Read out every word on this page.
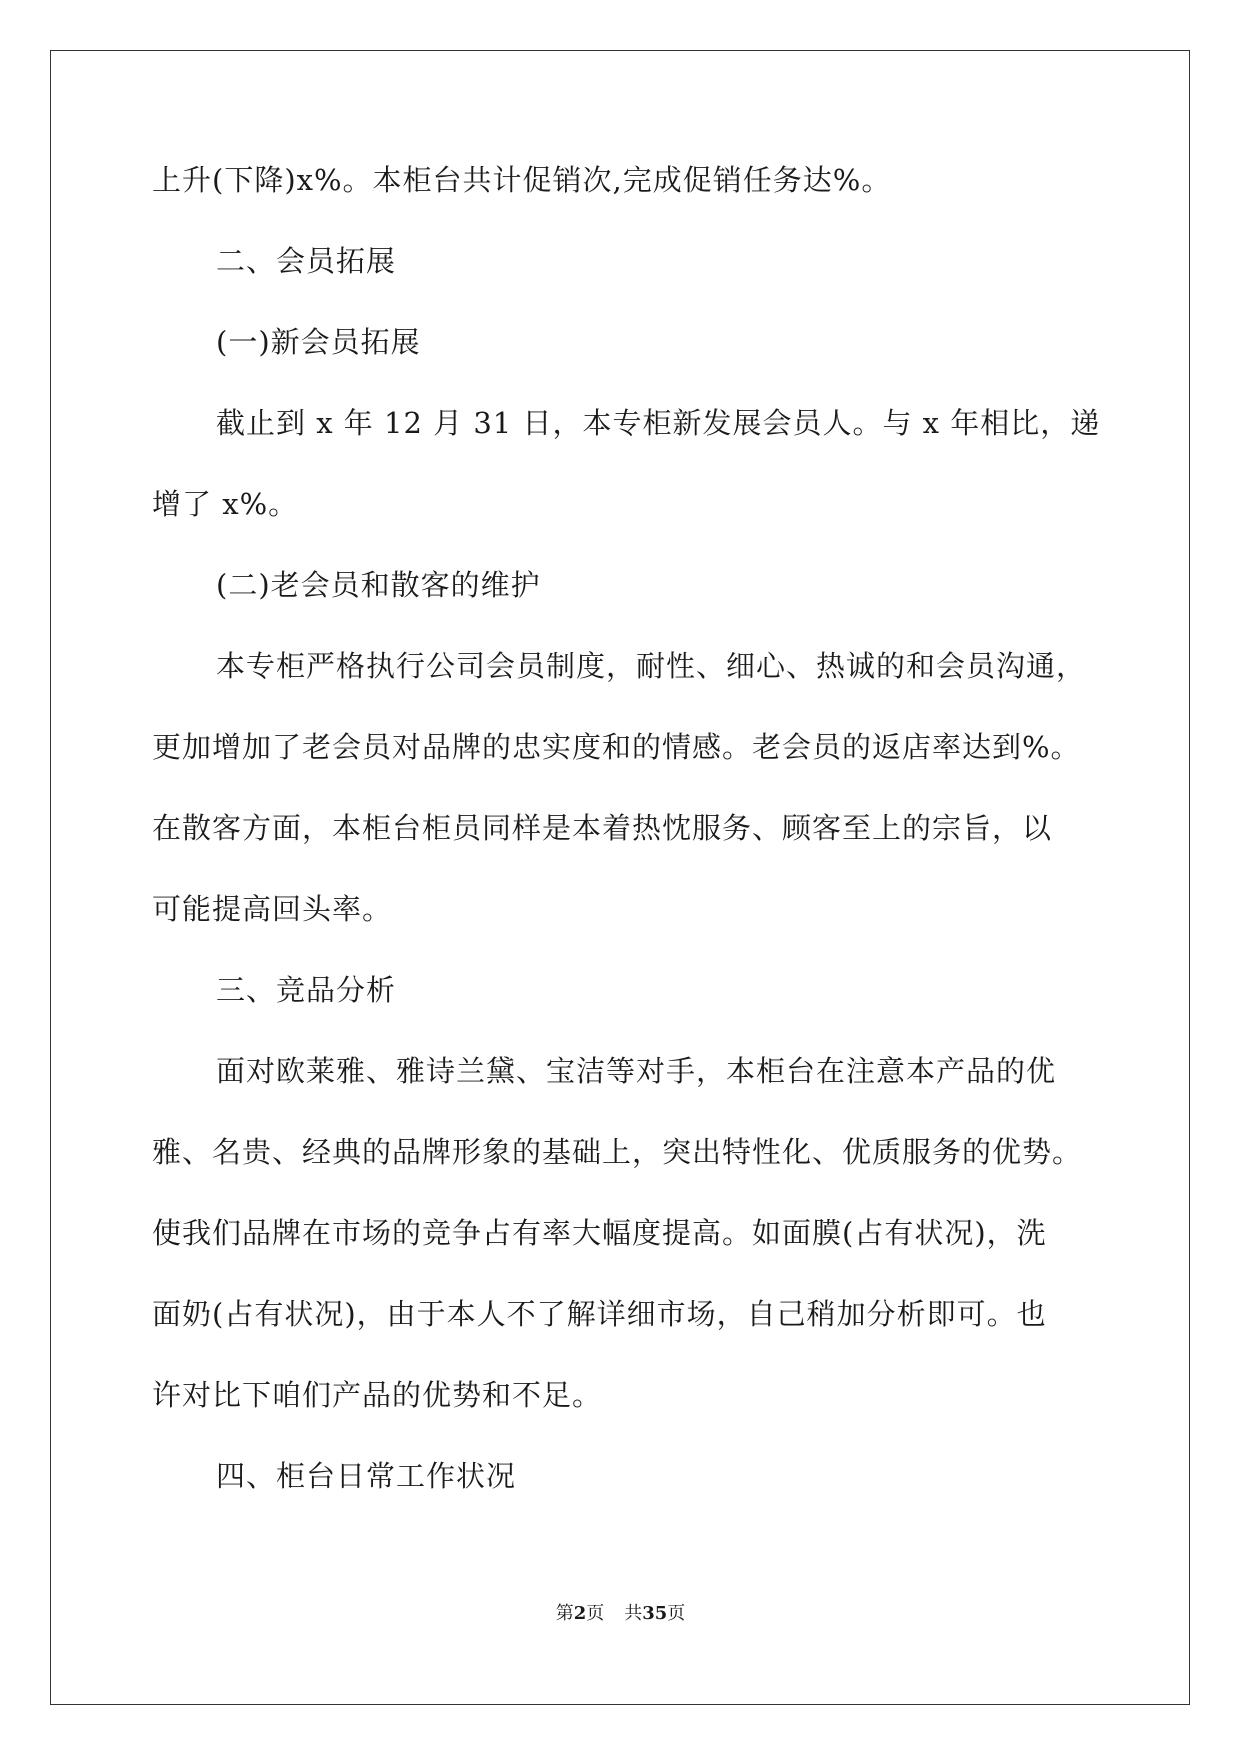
上升(下降)x%。本柜台共计促销次,完成促销任务达%。
二、会员拓展
(一)新会员拓展
截止到 x 年 12 月 31 日，本专柜新发展会员人。与 x 年相比，递
增了 x%。
(二)老会员和散客的维护
本专柜严格执行公司会员制度，耐性、细心、热诚的和会员沟通，
更加增加了老会员对品牌的忠实度和的情感。老会员的返店率达到%。
在散客方面，本柜台柜员同样是本着热忱服务、顾客至上的宗旨，以
可能提高回头率。
三、竞品分析
面对欧莱雅、雅诗兰黛、宝洁等对手，本柜台在注意本产品的优
雅、名贵、经典的品牌形象的基础上，突出特性化、优质服务的优势。
使我们品牌在市场的竞争占有率大幅度提高。如面膜(占有状况)，洗
面奶(占有状况)，由于本人不了解详细市场，自己稍加分析即可。也
许对比下咱们产品的优势和不足。
四、柜台日常工作状况
第2页 共35页
